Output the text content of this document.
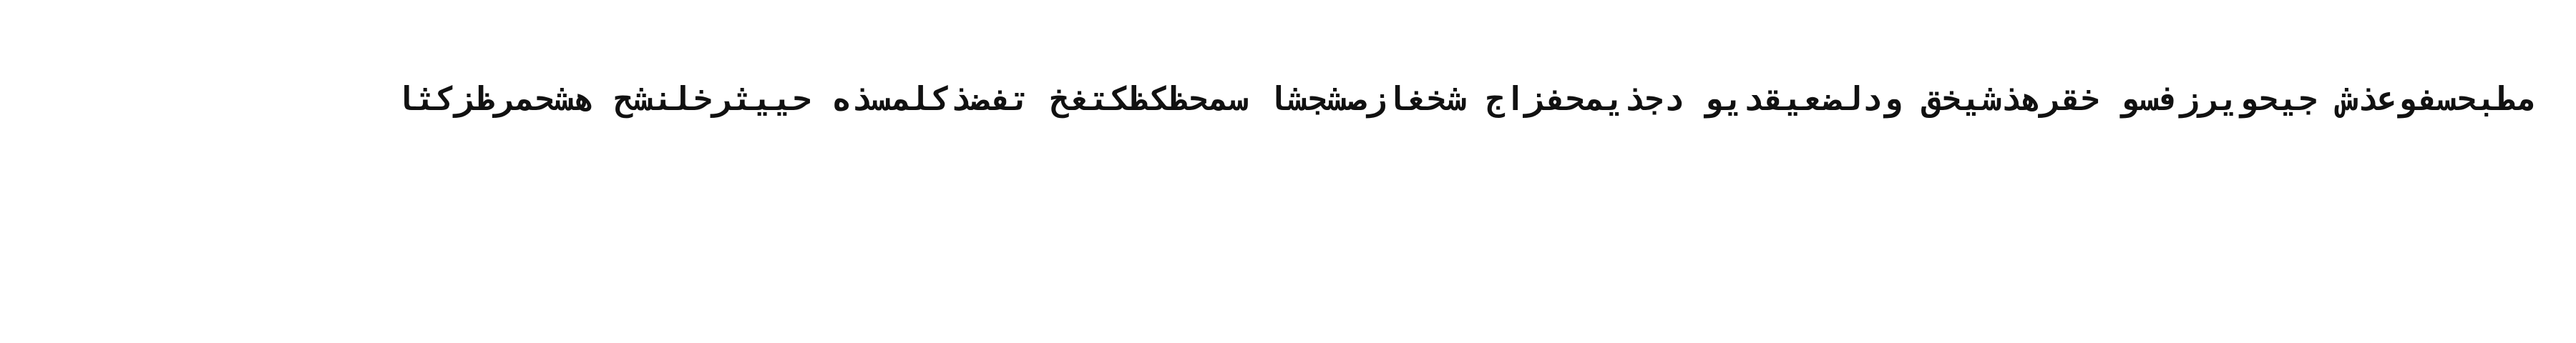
مطبحسفوعذش جيحويرزفسو خقرهذشيخق ودلضعيقديو دجذيمحفزاج شخغازصشجشا سمحظكظكتغخ تفضذكلمسذه حييثرخلنشح هشحمرظزكثا
